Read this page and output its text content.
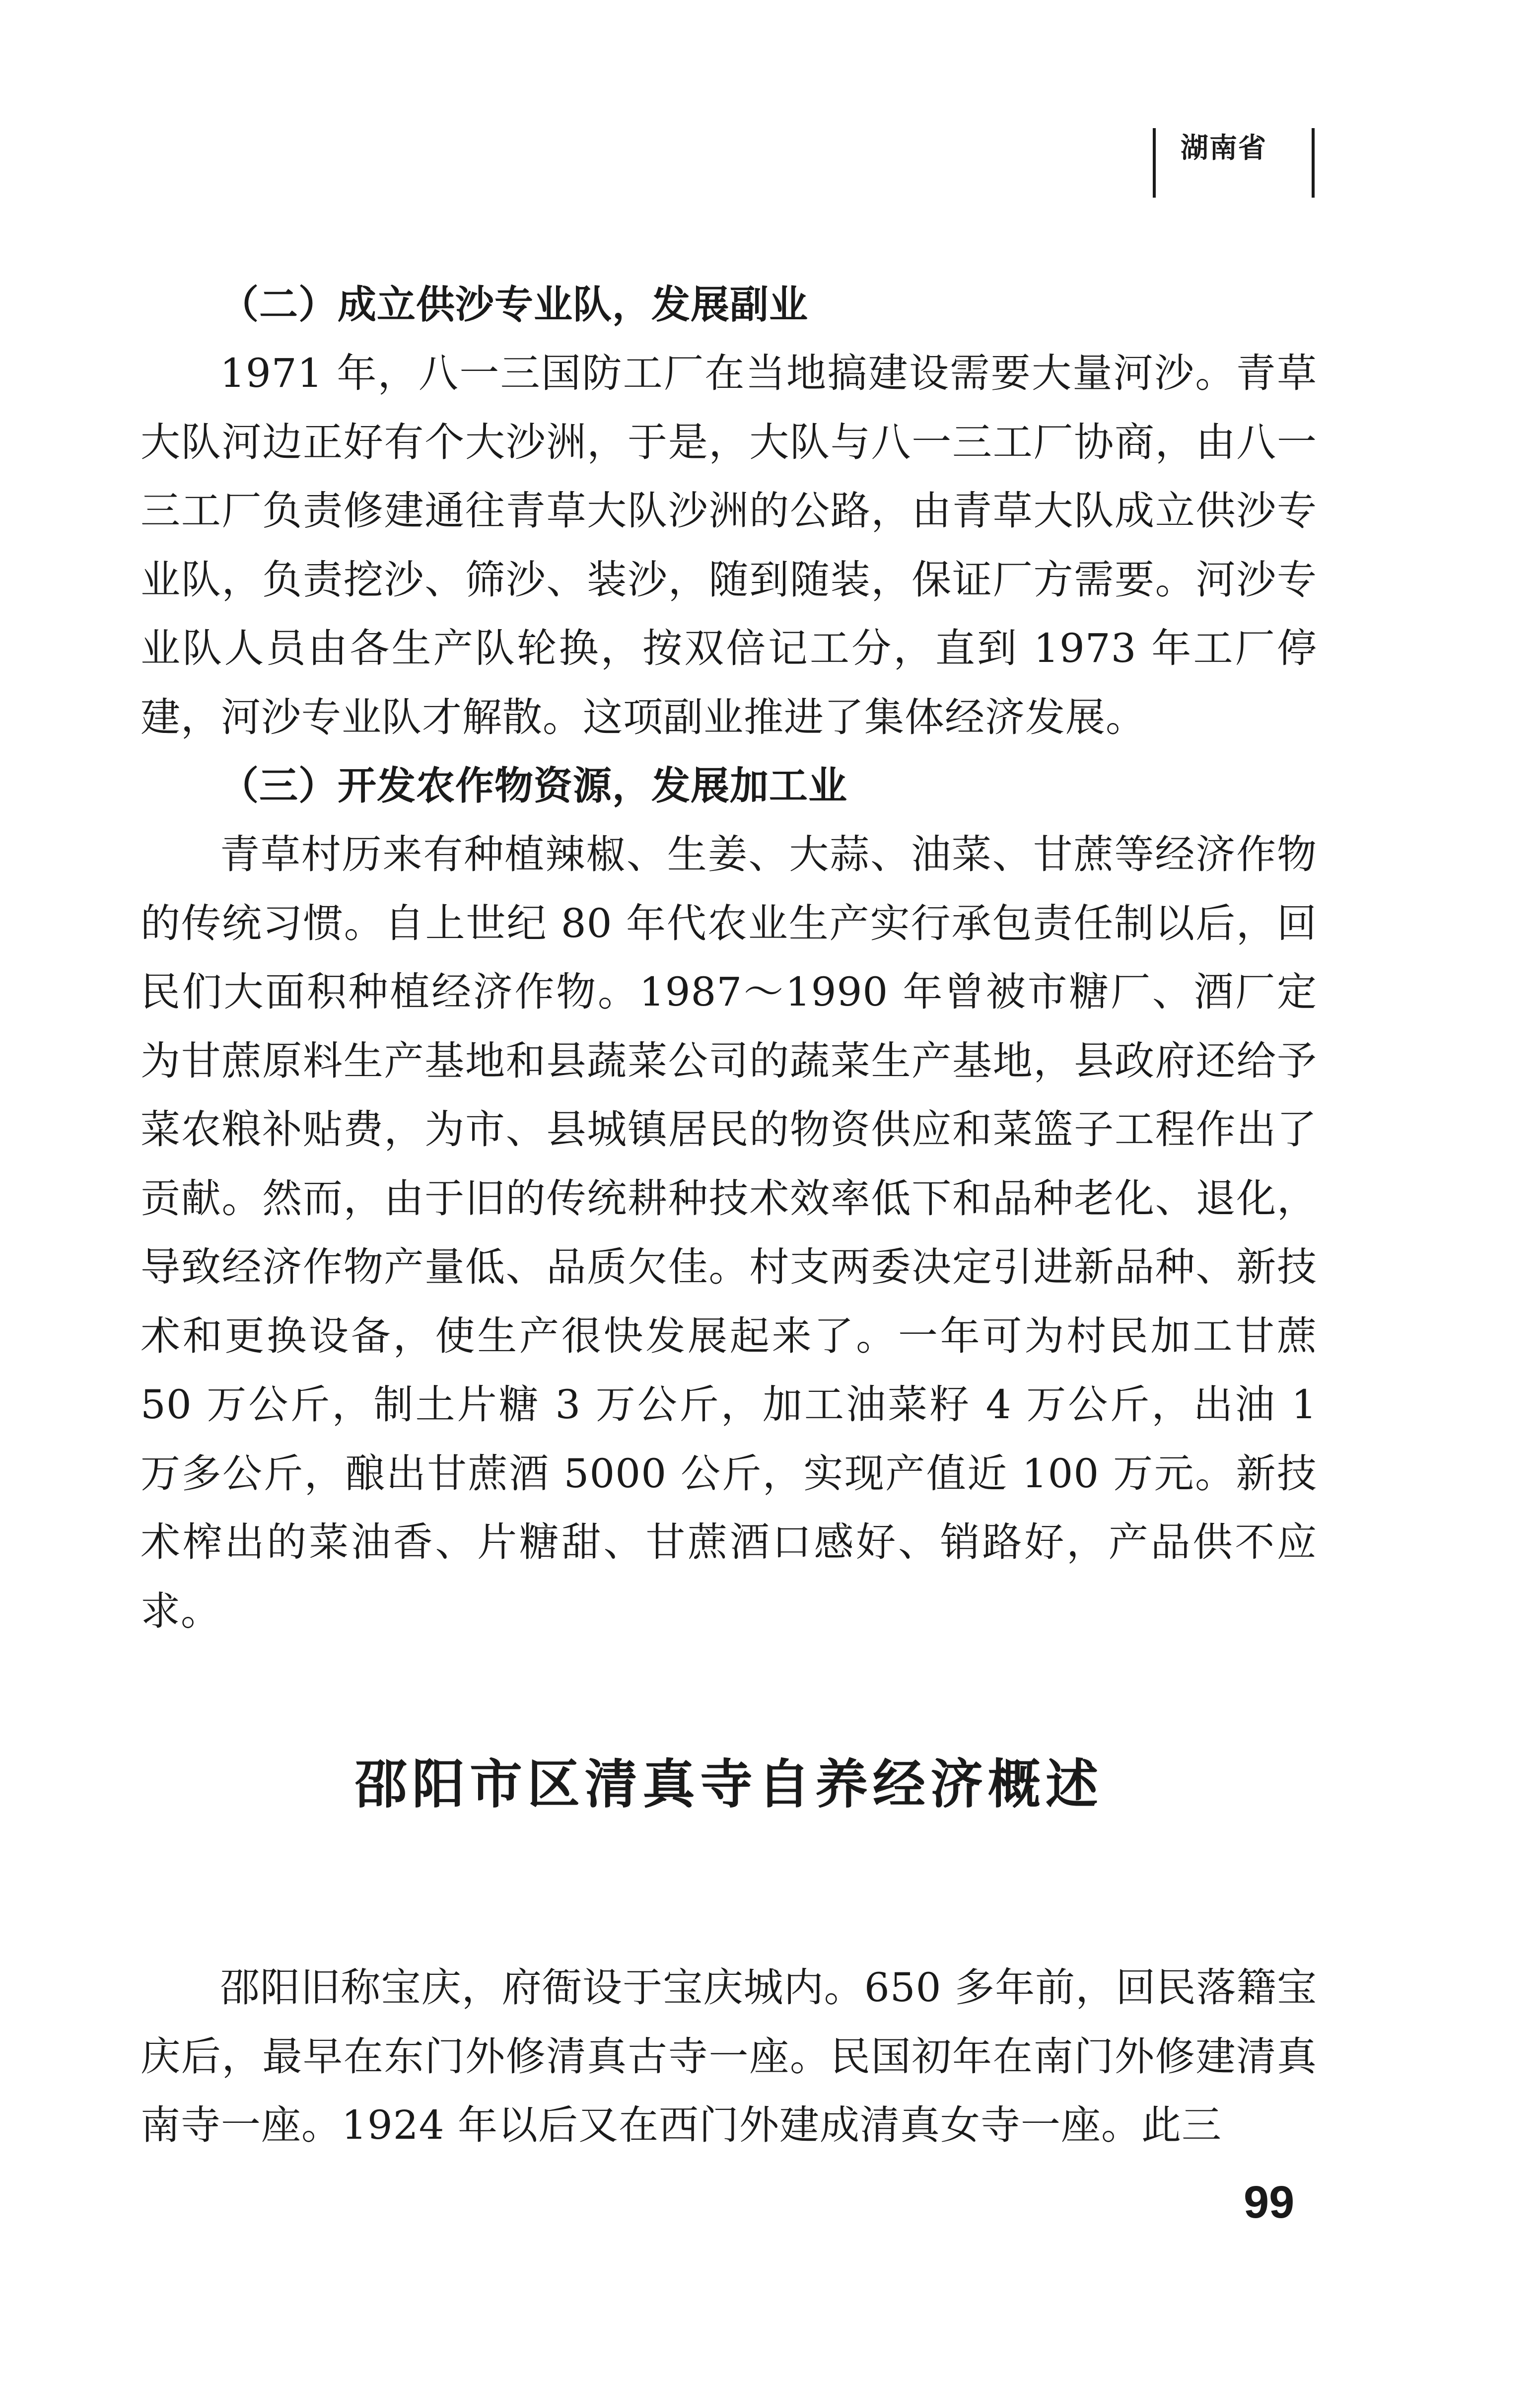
湖南省
（二）成立供沙专业队，发展副业

1971 年，八一三国防工厂在当地搞建设需要大量河沙。青草大队河边正好有个大沙洲，于是，大队与八一三工厂协商，由八一三工厂负责修建通往青草大队沙洲的公路，由青草大队成立供沙专业队，负责挖沙、筛沙、装沙，随到随装，保证厂方需要。河沙专业队人员由各生产队轮换，按双倍记工分，直到 1973 年工厂停建，河沙专业队才解散。这项副业推进了集体经济发展。

（三）开发农作物资源，发展加工业

青草村历来有种植辣椒、生姜、大蒜、油菜、甘蔗等经济作物的传统习惯。自上世纪 80 年代农业生产实行承包责任制以后，回民们大面积种植经济作物。1987～1990 年曾被市糖厂、酒厂定为甘蔗原料生产基地和县蔬菜公司的蔬菜生产基地，县政府还给予菜农粮补贴费，为市、县城镇居民的物资供应和菜篮子工程作出了贡献。然而，由于旧的传统耕种技术效率低下和品种老化、退化，导致经济作物产量低、品质欠佳。村支两委决定引进新品种、新技术和更换设备，使生产很快发展起来了。一年可为村民加工甘蔗 50 万公斤，制土片糖 3 万公斤，加工油菜籽 4 万公斤，出油 1 万多公斤，酿出甘蔗酒 5000 公斤，实现产值近 100 万元。新技术榨出的菜油香、片糖甜、甘蔗酒口感好、销路好，产品供不应求。

邵阳市区清真寺自养经济概述

邵阳旧称宝庆，府衙设于宝庆城内。650 多年前，回民落籍宝庆后，最早在东门外修清真古寺一座。民国初年在南门外修建清真南寺一座。1924 年以后又在西门外建成清真女寺一座。此三

99
